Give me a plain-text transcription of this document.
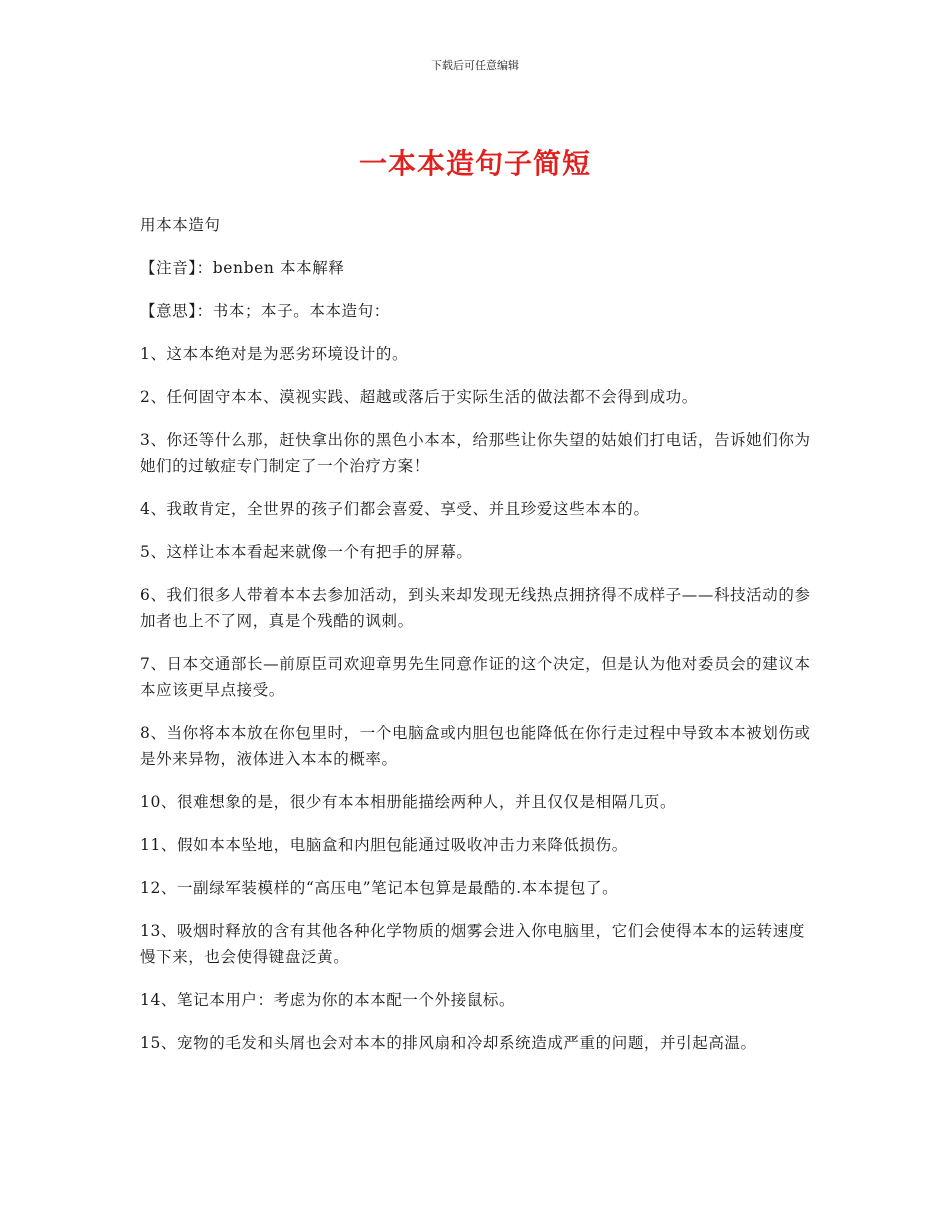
下载后可任意编辑
一本本造句子简短

用本本造句

【注音】：benben 本本解释

【意思】：书本；本子。本本造句：

1、这本本绝对是为恶劣环境设计的。

2、任何固守本本、漠视实践、超越或落后于实际生活的做法都不会得到成功。

3、你还等什么那，赶快拿出你的黑色小本本，给那些让你失望的姑娘们打电话，告诉她们你为她们的过敏症专门制定了一个治疗方案！

4、我敢肯定，全世界的孩子们都会喜爱、享受、并且珍爱这些本本的。

5、这样让本本看起来就像一个有把手的屏幕。

6、我们很多人带着本本去参加活动，到头来却发现无线热点拥挤得不成样子——科技活动的参加者也上不了网，真是个残酷的讽刺。

7、日本交通部长—前原臣司欢迎章男先生同意作证的这个决定，但是认为他对委员会的建议本本应该更早点接受。

8、当你将本本放在你包里时，一个电脑盒或内胆包也能降低在你行走过程中导致本本被划伤或是外来异物，液体进入本本的概率。

10、很难想象的是，很少有本本相册能描绘两种人，并且仅仅是相隔几页。

11、假如本本坠地，电脑盒和内胆包能通过吸收冲击力来降低损伤。

12、一副绿军装模样的“高压电”笔记本包算是最酷的.本本提包了。

13、吸烟时释放的含有其他各种化学物质的烟雾会进入你电脑里，它们会使得本本的运转速度慢下来，也会使得键盘泛黄。

14、笔记本用户：考虑为你的本本配一个外接鼠标。

15、宠物的毛发和头屑也会对本本的排风扇和冷却系统造成严重的问题，并引起高温。
